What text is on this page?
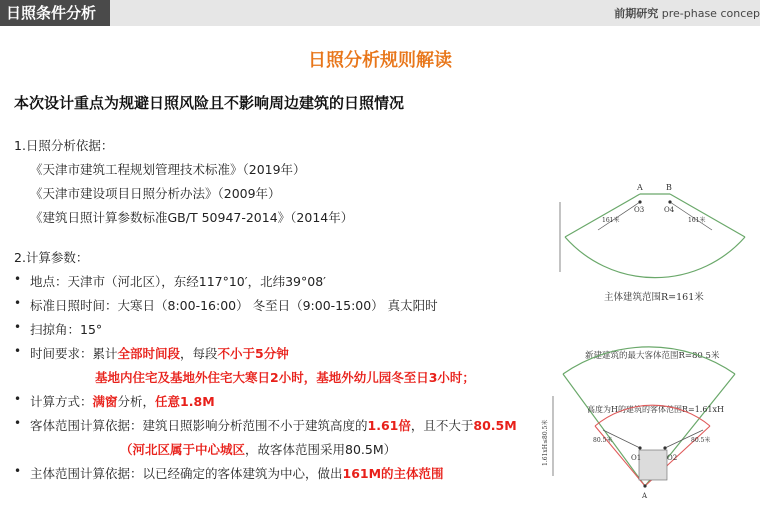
日照条件分析	前期研究 pre-phase concep
日照分析规则解读
本次设计重点为规避日照风险且不影响周边建筑的日照情况
1.日照分析依据：
《天津市建筑工程规划管理技术标准》（2019年）
《天津市建设项目日照分析办法》（2009年）
《建筑日照计算参数标准GB/T 50947-2014》（2014年）
2.计算参数：
• 地点：天津市（河北区），东经117°10′，北纬39°08′
• 标准日照时间：大寒日（8:00-16:00） 冬至日（9:00-15:00） 真太阳时
• 扫掠角：15°
• 时间要求：累计全部时间段，每段不小于5分钟
基地内住宅及基地外住宅大寒日2小时，基地外幼儿园冬至日3小时；
• 计算方式：满窗分析，任意1.8M
• 客体范围计算依据：建筑日照影响分析范围不小于建筑高度的1.61倍，且不大于80.5M
（河北区属于中心城区，故客体范围采用80.5M）
• 主体范围计算依据：以已经确定的客体建筑为中心，做出161M的主体范围
A	B
O3	O4
161米	161米
主体建筑范围R=161米
新建建筑的最大客体范围R=80.5米
高度为H的建筑的客体范围R=1.61xH
80.5米	80.5米
1.61xH≤80.5米	O1	O2
A
